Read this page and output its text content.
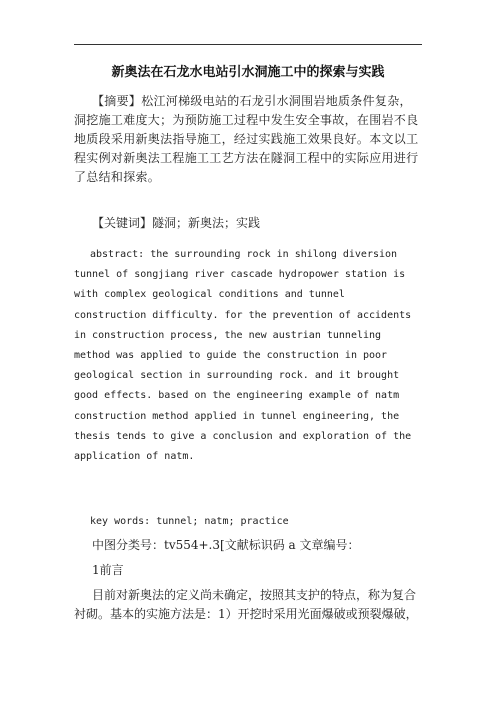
新奥法在石龙水电站引水洞施工中的探索与实践

【摘要】松江河梯级电站的石龙引水洞围岩地质条件复杂，洞挖施工难度大；为预防施工过程中发生安全事故，在围岩不良地质段采用新奥法指导施工，经过实践施工效果良好。本文以工程实例对新奥法工程施工工艺方法在隧洞工程中的实际应用进行了总结和探索。

【关键词】隧洞；新奥法；实践

abstract: the surrounding rock in shilong diversion tunnel of songjiang river cascade hydropower station is with complex geological conditions and tunnel construction difficulty. for the prevention of accidents in construction process, the new austrian tunneling method was applied to guide the construction in poor geological section in surrounding rock. and it brought good effects. based on the engineering example of natm construction method applied in tunnel engineering, the thesis tends to give a conclusion and exploration of the application of natm.

key words: tunnel; natm; practice

中图分类号：tv554+.3[文献标识码 a 文章编号：

1前言

目前对新奥法的定义尚未确定，按照其支护的特点，称为复合衬砌。基本的实施方法是：1）开挖时采用光面爆破或预裂爆破，
